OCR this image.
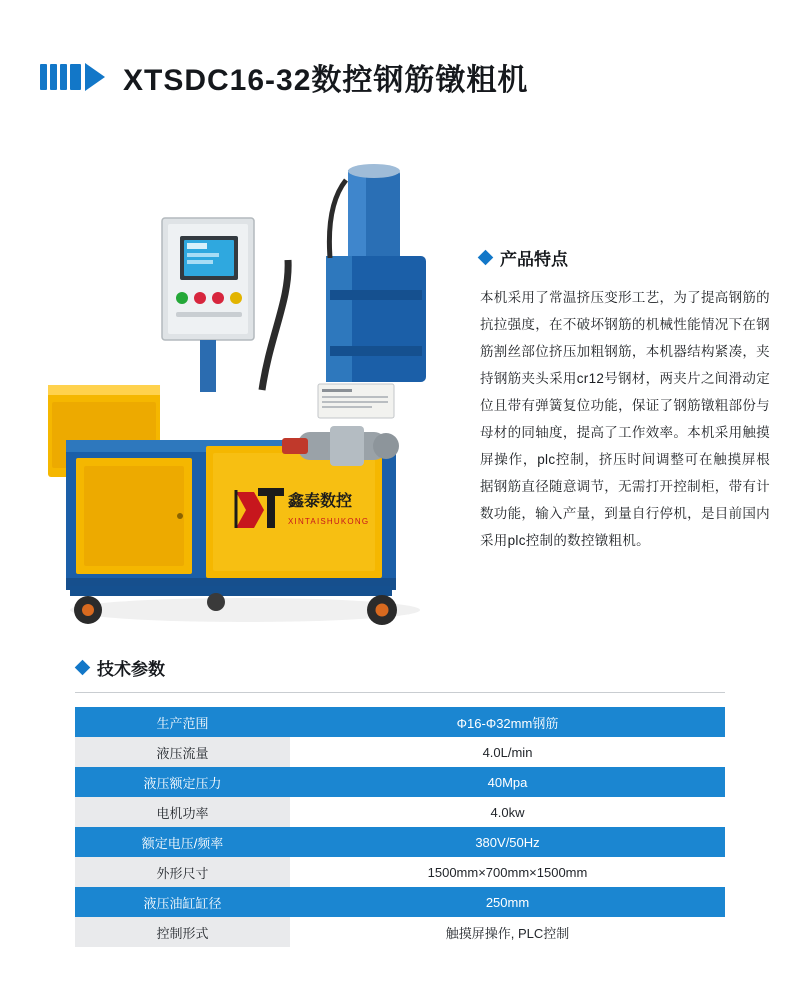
XTSDC16-32数控钢筋镦粗机
鑫泰数控
XINTAISHUKONG
产品特点
本机采用了常温挤压变形工艺，为了提高钢筋的抗拉强度，在不破坏钢筋的机械性能情况下在钢筋割丝部位挤压加粗钢筋，本机器结构紧凑，夹持钢筋夹头采用cr12号钢材，两夹片之间滑动定位且带有弹簧复位功能，保证了钢筋镦粗部份与母材的同轴度，提高了工作效率。本机采用触摸屏操作，plc控制，挤压时间调整可在触摸屏根据钢筋直径随意调节，无需打开控制柜，带有计数功能，输入产量，到量自行停机，是目前国内采用plc控制的数控镦粗机。
技术参数
生产范围	Φ16-Φ32mm钢筋
液压流量	4.0L/min
液压额定压力	40Mpa
电机功率	4.0kw
额定电压/频率	380V/50Hz
外形尺寸	1500mm×700mm×1500mm
液压油缸缸径	250mm
控制形式	触摸屏操作, PLC控制
